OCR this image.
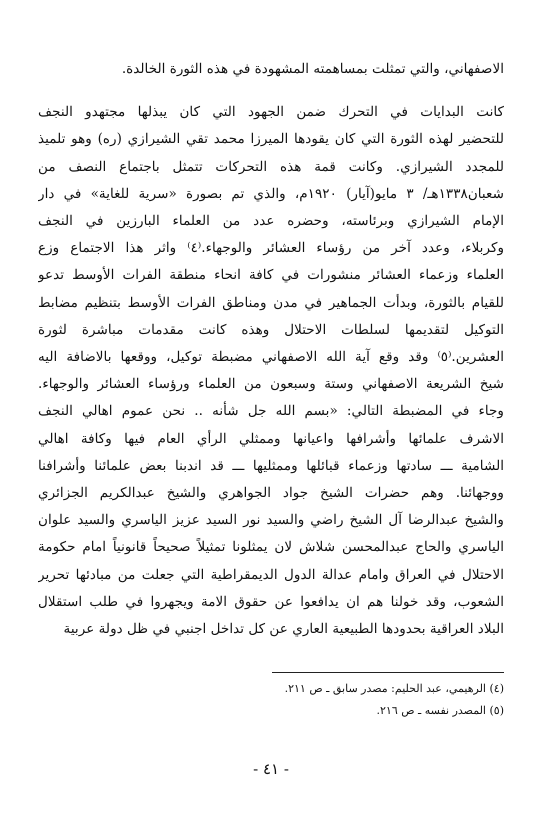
الاصفهاني، والتي تمثلت بمساهمته المشهودة في هذه الثورة الخالدة.
كانت البدايات في التحرك ضمن الجهود التي كان يبذلها مجتهدو النجف
للتحضير لهذه الثورة التي كان يقودها الميرزا محمد تقي الشيرازي (ره) وهو تلميذ
للمجدد الشيرازي. وكانت قمة هذه التحركات تتمثل باجتماع النصف من
شعبان١٣٣٨هـ/ ٣ مايو(آيار) ١٩٢٠م، والذي تم بصورة «سرية للغاية» في دار
الإمام الشيرازي وبرئاسته، وحضره عدد من العلماء البارزين في النجف
وكربلاء، وعدد آخر من رؤساء العشائر والوجهاء.⁽٤⁾ واثر هذا الاجتماع وزع
العلماء وزعماء العشائر منشورات في كافة انحاء منطقة الفرات الأوسط تدعو
للقيام بالثورة، وبدأت الجماهير في مدن ومناطق الفرات الأوسط بتنظيم مضابط
التوكيل لتقديمها لسلطات الاحتلال وهذه كانت مقدمات مباشرة لثورة
العشرين.⁽٥⁾ وقد وقع آية الله الاصفهاني مضبطة توكيل، ووقعها بالاضافة اليه
شيخ الشريعة الاصفهاني وستة وسبعون من العلماء ورؤساء العشائر والوجهاء.
وجاء في المضبطة التالي: «بسم الله جل شأنه .. نحن عموم اهالي النجف
الاشرف علمائها وأشرافها واعيانها وممثلي الرأي العام فيها وكافة اهالي
الشامية ـــ سادتها وزعماء قبائلها وممثليها ـــ قد اندبنا بعض علمائنا وأشرافنا
ووجهائنا. وهم حضرات الشيخ جواد الجواهري والشيخ عبدالكريم الجزائري
والشيخ عبدالرضا آل الشيخ راضي والسيد نور السيد عزيز الياسري والسيد علوان
الياسري والحاج عبدالمحسن شلاش لان يمثلونا تمثيلاً صحيحاً قانونياً امام حكومة
الاحتلال في العراق وامام عدالة الدول الديمقراطية التي جعلت من مبادئها تحرير
الشعوب، وقد خولنا هم ان يدافعوا عن حقوق الامة ويجهروا في طلب استقلال
البلاد العراقية بحدودها الطبيعية العاري عن كل تداخل اجنبي في ظل دولة عربية
(٤) الرهيمي، عبد الحليم: مصدر سابق ـ ص ٢١١.
(٥) المصدر نفسه ـ ص ٢١٦.
- ٤١ -
